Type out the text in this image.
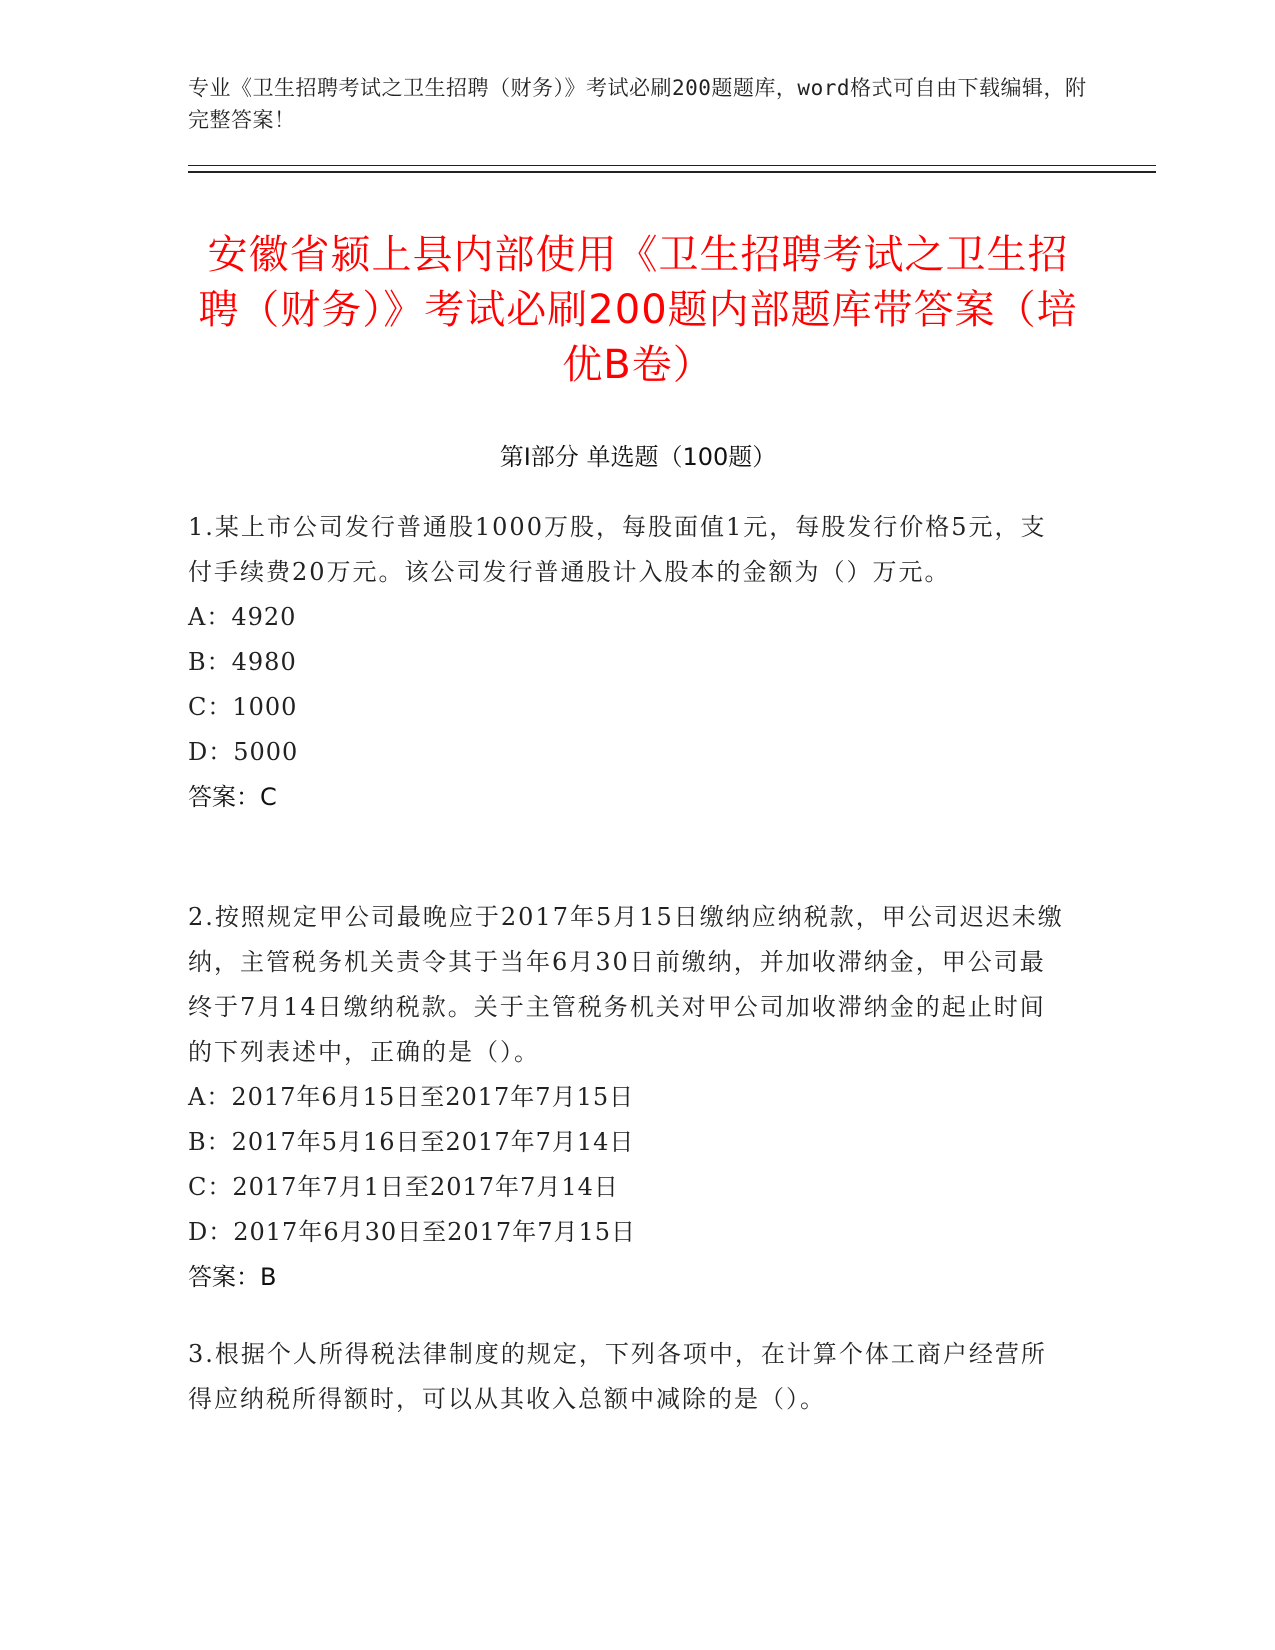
专业《卫生招聘考试之卫生招聘（财务）》考试必刷200题题库，word格式可自由下载编辑，附完整答案！
安徽省颍上县内部使用《卫生招聘考试之卫生招聘（财务）》考试必刷200题内部题库带答案（培优B卷）
第Ⅰ部分 单选题（100题）

1.某上市公司发行普通股1000万股，每股面值1元，每股发行价格5元，支付手续费20万元。该公司发行普通股计入股本的金额为（）万元。

A：4920

B：4980

C：1000

D：5000

答案：C

2.按照规定甲公司最晚应于2017年5月15日缴纳应纳税款，甲公司迟迟未缴纳，主管税务机关责令其于当年6月30日前缴纳，并加收滞纳金，甲公司最终于7月14日缴纳税款。关于主管税务机关对甲公司加收滞纳金的起止时间的下列表述中，正确的是（）。

A：2017年6月15日至2017年7月15日

B：2017年5月16日至2017年7月14日

C：2017年7月1日至2017年7月14日

D：2017年6月30日至2017年7月15日

答案：B

3.根据个人所得税法律制度的规定，下列各项中，在计算个体工商户经营所得应纳税所得额时，可以从其收入总额中减除的是（）。
